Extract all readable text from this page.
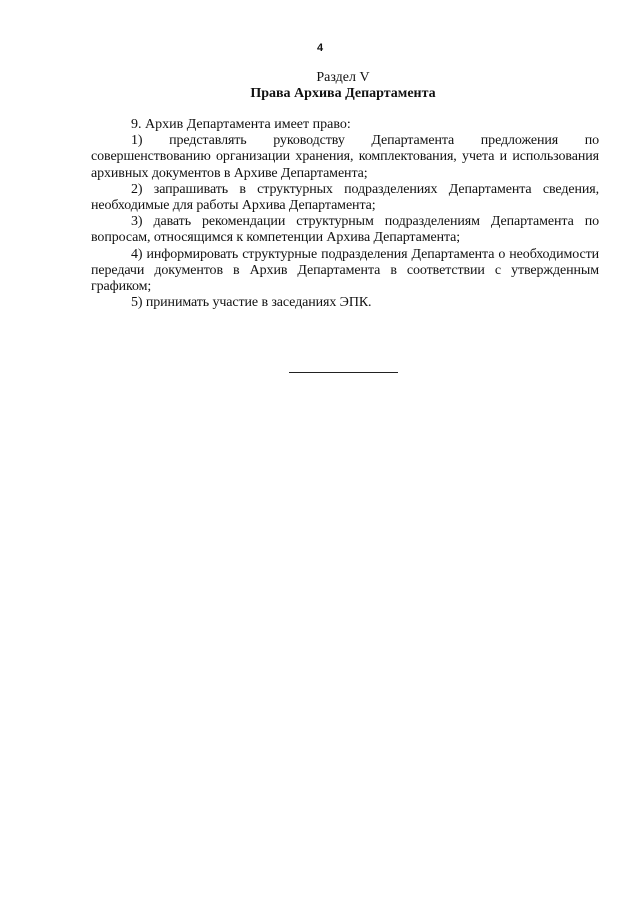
4
Раздел V
Права Архива Департамента

9. Архив Департамента имеет право:

1) представлять руководству Департамента предложения по совершенствованию организации хранения, комплектования, учета и использования архивных документов в Архиве Департамента;

2) запрашивать в структурных подразделениях Департамента сведения, необходимые для работы Архива Департамента;

3) давать рекомендации структурным подразделениям Департамента по вопросам, относящимся к компетенции Архива Департамента;

4) информировать структурные подразделения Департамента о необходимости передачи документов в Архив Департамента в соответствии с утвержденным графиком;

5) принимать участие в заседаниях ЭПК.
